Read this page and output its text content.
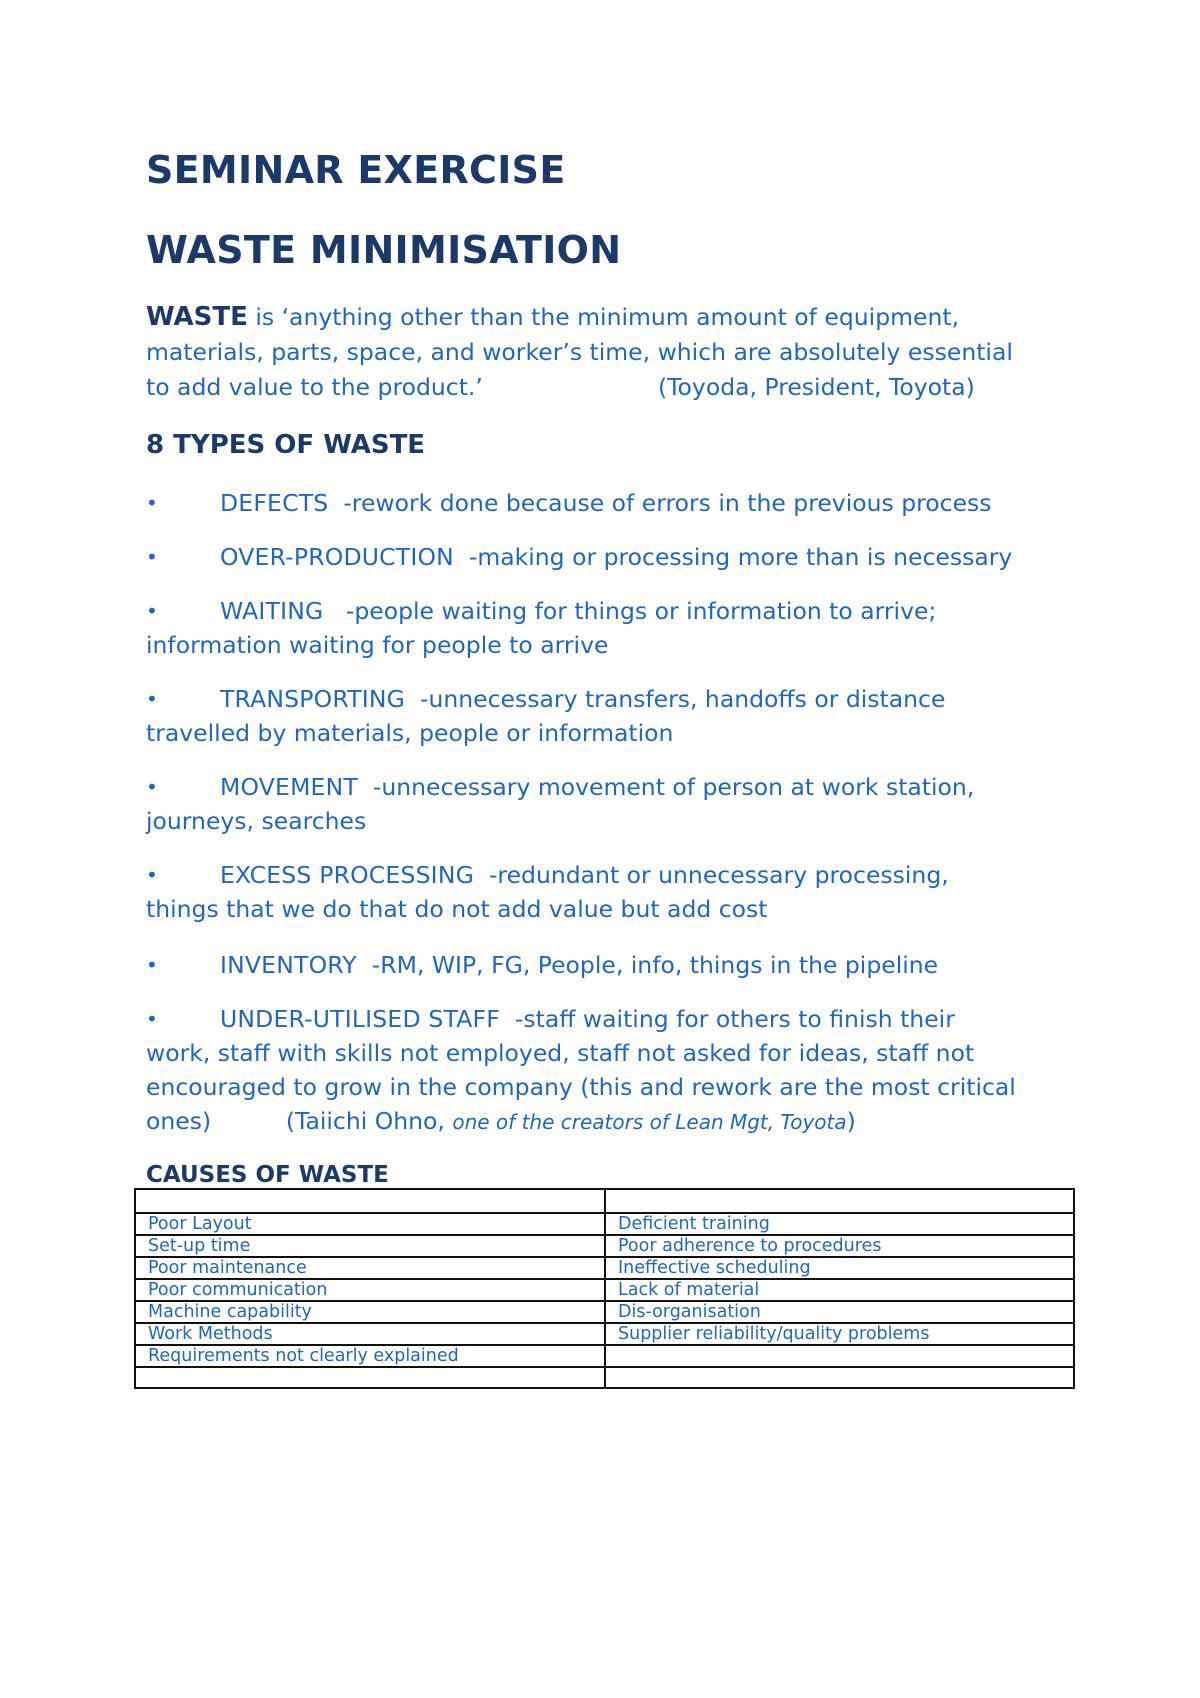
SEMINAR EXERCISE
WASTE MINIMISATION
WASTE is ‘anything other than the minimum amount of equipment,
materials, parts, space, and worker’s time, which are absolutely essential
to add value to the product.’	(Toyoda, President, Toyota)
8 TYPES OF WASTE
•	DEFECTS  -rework done because of errors in the previous process
•	OVER-PRODUCTION  -making or processing more than is necessary
•	WAITING   -people waiting for things or information to arrive;
information waiting for people to arrive
•	TRANSPORTING  -unnecessary transfers, handoffs or distance
travelled by materials, people or information
•	MOVEMENT  -unnecessary movement of person at work station,
journeys, searches
•	EXCESS PROCESSING  -redundant or unnecessary processing,
things that we do that do not add value but add cost
•	INVENTORY  -RM, WIP, FG, People, info, things in the pipeline
•	UNDER-UTILISED STAFF  -staff waiting for others to finish their
work, staff with skills not employed, staff not asked for ideas, staff not
encouraged to grow in the company (this and rework are the most critical
ones)          (Taiichi Ohno, one of the creators of Lean Mgt, Toyota)
CAUSES OF WASTE

Poor Layout	Deficient training
Set-up time	Poor adherence to procedures
Poor maintenance	Ineffective scheduling
Poor communication	Lack of material
Machine capability	Dis-organisation
Work Methods	Supplier reliability/quality problems
Requirements not clearly explained	
